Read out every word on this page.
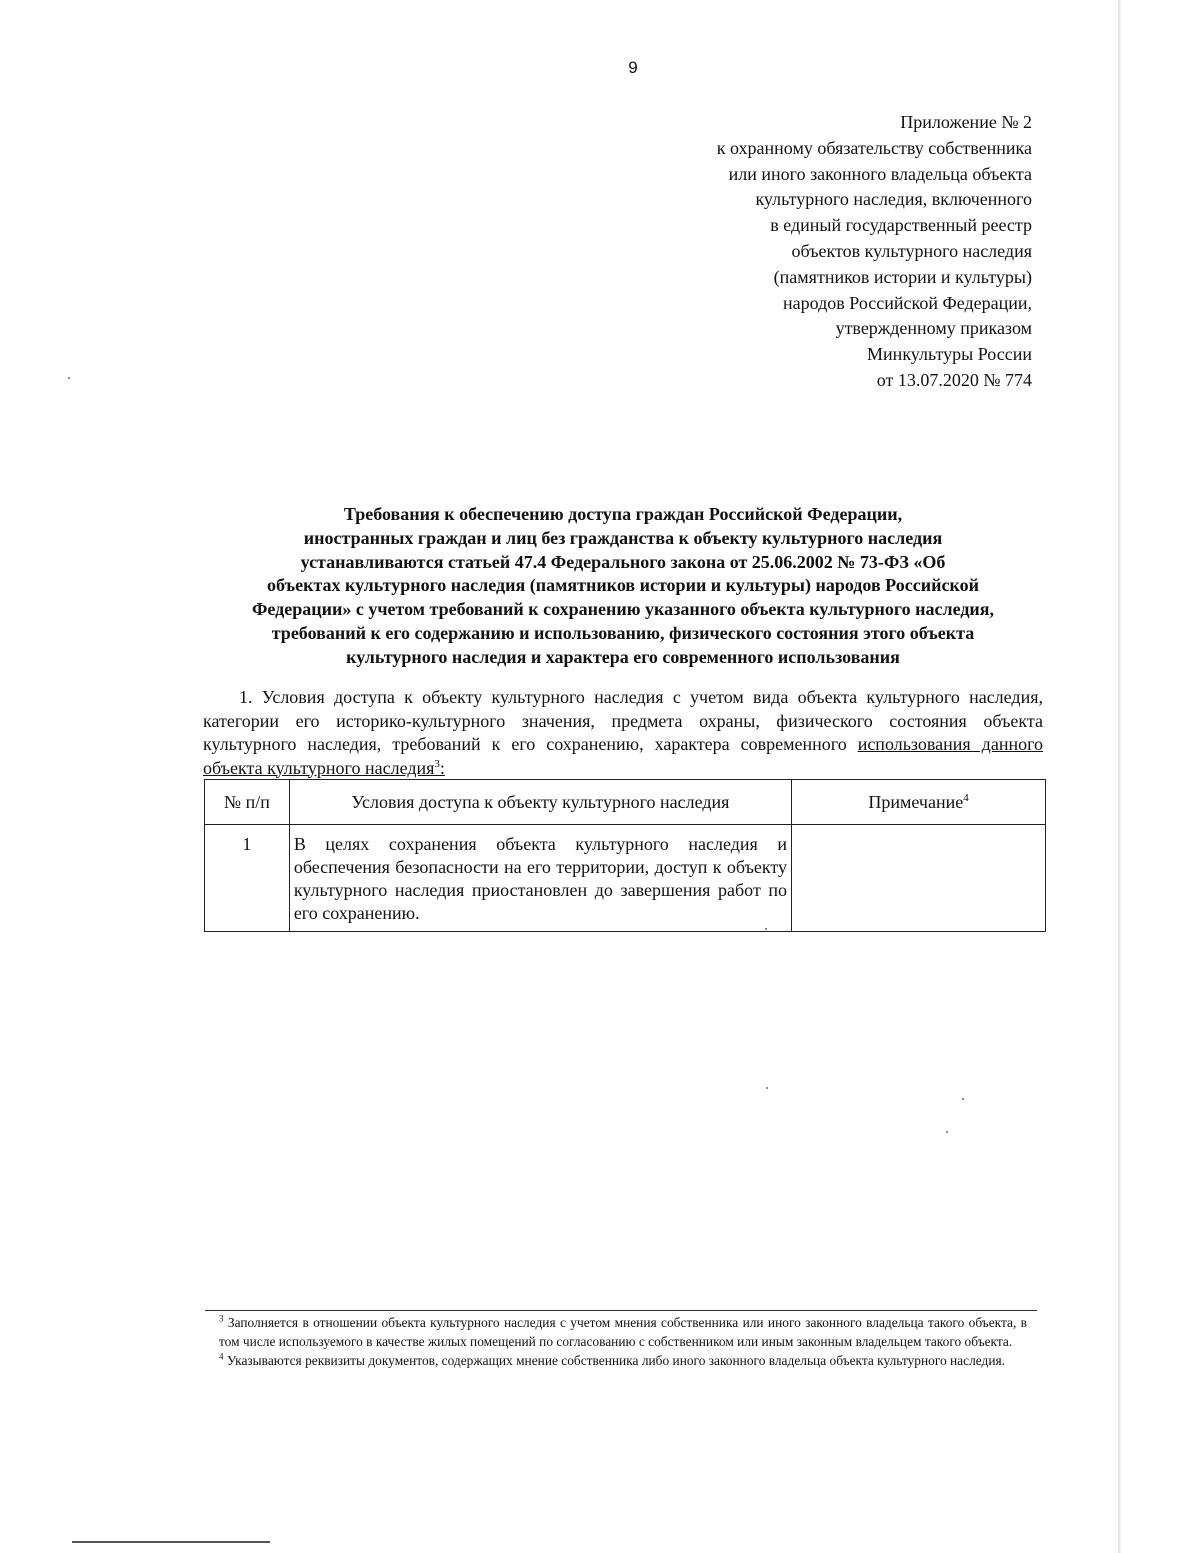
9
Приложение № 2
к охранному обязательству собственника
или иного законного владельца объекта
культурного наследия, включенного
в единый государственный реестр
объектов культурного наследия
(памятников истории и культуры)
народов Российской Федерации,
утвержденному приказом
Минкультуры России
от 13.07.2020 № 774
Требования к обеспечению доступа граждан Российской Федерации,
иностранных граждан и лиц без гражданства к объекту культурного наследия
устанавливаются статьей 47.4 Федерального закона от 25.06.2002 № 73-ФЗ «Об
объектах культурного наследия (памятников истории и культуры) народов Российской
Федерации» с учетом требований к сохранению указанного объекта культурного наследия,
требований к его содержанию и использованию, физического состояния этого объекта
культурного наследия и характера его современного использования
1. Условия доступа к объекту культурного наследия с учетом вида объекта культурного наследия, категории его историко-культурного значения, предмета охраны, физического состояния объекта культурного наследия, требований к его сохранению, характера современного использования данного объекта культурного наследия$^3$:
№ п/п	Условия доступа к объекту культурного наследия	Примечание$^4$
1	В целях сохранения объекта культурного наследия и обеспечения безопасности на его территории, доступ к объекту культурного наследия приостановлен до завершения работ по его сохранению.	

$^3$ Заполняется в отношении объекта культурного наследия с учетом мнения собственника или иного законного владельца такого объекта, в том числе используемого в качестве жилых помещений по согласованию с собственником или иным законным владельцем такого объекта.

$^4$ Указываются реквизиты документов, содержащих мнение собственника либо иного законного владельца объекта культурного наследия.
